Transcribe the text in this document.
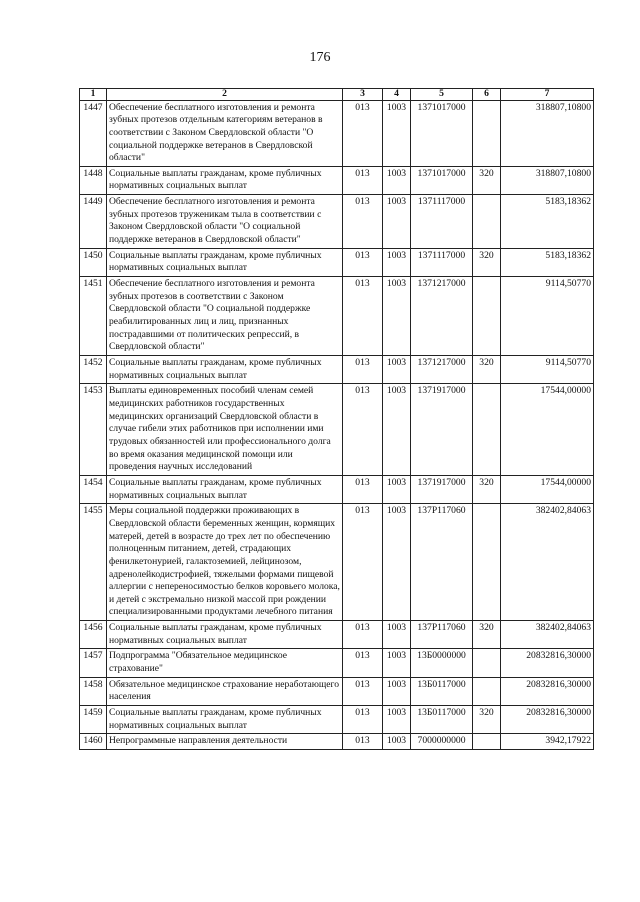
176
1	2	3	4	5	6	7
1447	Обеспечение бесплатного изготовления и ремонта зубных протезов отдельным категориям ветеранов в соответствии с Законом Свердловской области "О социальной поддержке ветеранов в Свердловской области"	013	1003	1371017000		318807,10800
1448	Социальные выплаты гражданам, кроме публичных нормативных социальных выплат	013	1003	1371017000	320	318807,10800
1449	Обеспечение бесплатного изготовления и ремонта зубных протезов труженикам тыла в соответствии с Законом Свердловской области "О социальной поддержке ветеранов в Свердловской области"	013	1003	1371117000		5183,18362
1450	Социальные выплаты гражданам, кроме публичных нормативных социальных выплат	013	1003	1371117000	320	5183,18362
1451	Обеспечение бесплатного изготовления и ремонта зубных протезов в соответствии с Законом Свердловской области "О социальной поддержке реабилитированных лиц и лиц, признанных пострадавшими от политических репрессий, в Свердловской области"	013	1003	1371217000		9114,50770
1452	Социальные выплаты гражданам, кроме публичных нормативных социальных выплат	013	1003	1371217000	320	9114,50770
1453	Выплаты единовременных пособий членам семей медицинских работников государственных медицинских организаций Свердловской области в случае гибели этих работников при исполнении ими трудовых обязанностей или профессионального долга во время оказания медицинской помощи или проведения научных исследований	013	1003	1371917000		17544,00000
1454	Социальные выплаты гражданам, кроме публичных нормативных социальных выплат	013	1003	1371917000	320	17544,00000
1455	Меры социальной поддержки проживающих в Свердловской области беременных женщин, кормящих матерей, детей в возрасте до трех лет по обеспечению полноценным питанием, детей, страдающих фенилкетонурией, галактоземией, лейцинозом, адренолейкодистрофией, тяжелыми формами пищевой аллергии с непереносимостью белков коровьего молока, и детей с экстремально низкой массой при рождении специализированными продуктами лечебного питания	013	1003	137P117060		382402,84063
1456	Социальные выплаты гражданам, кроме публичных нормативных социальных выплат	013	1003	137P117060	320	382402,84063
1457	Подпрограмма "Обязательное медицинское страхование"	013	1003	13Б0000000		20832816,30000
1458	Обязательное медицинское страхование неработающего населения	013	1003	13Б0117000		20832816,30000
1459	Социальные выплаты гражданам, кроме публичных нормативных социальных выплат	013	1003	13Б0117000	320	20832816,30000
1460	Непрограммные направления деятельности	013	1003	7000000000		3942,17922
